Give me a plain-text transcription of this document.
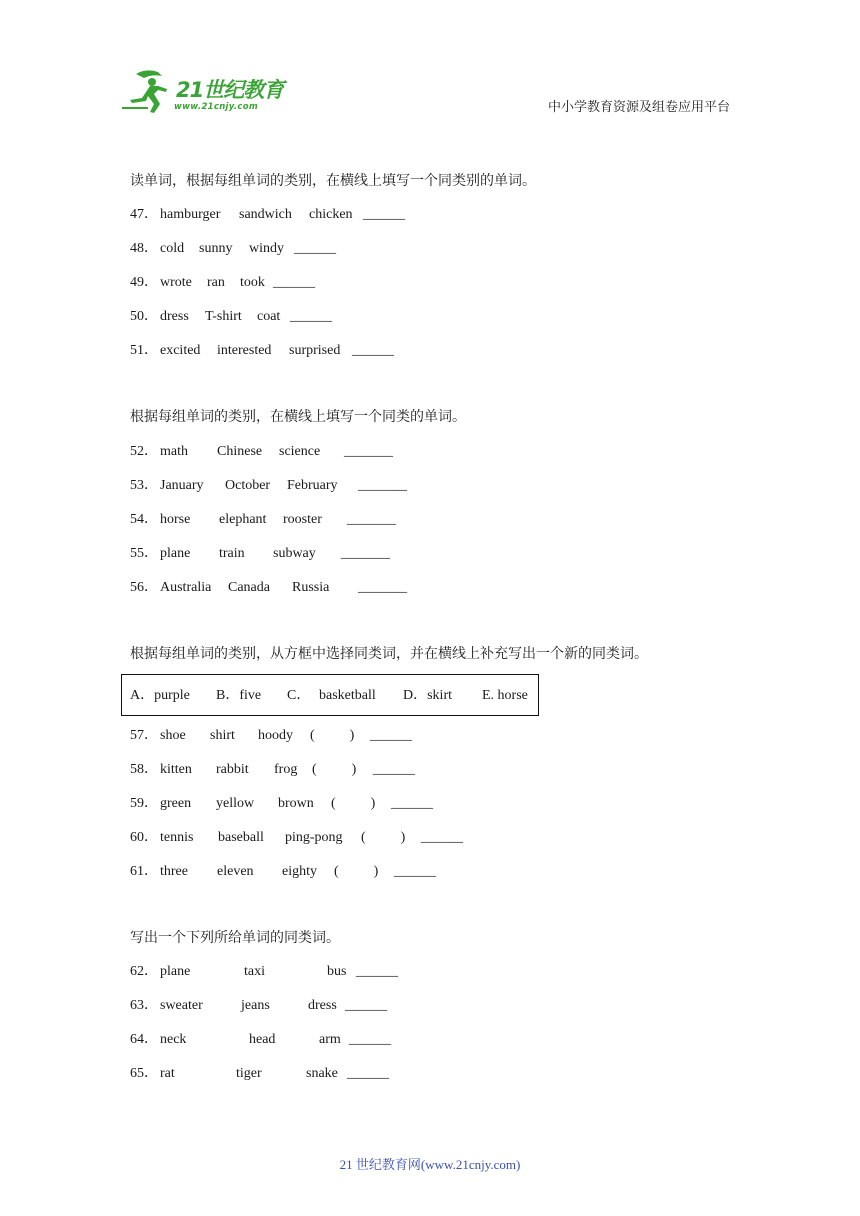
21世纪教育
www.21cnjy.com	中小学教育资源及组卷应用平台
读单词，根据每组单词的类别，在横线上填写一个同类别的单词。
47． hamburger sandwich chicken ______
48． cold sunny windy ______
49． wrote ran took ______
50． dress T-shirt coat ______
51． excited interested surprised ______
根据每组单词的类别，在横线上填写一个同类的单词。
52． math Chinese science _______
53． January October February _______
54． horse elephant rooster _______
55． plane train subway _______
56． Australia Canada Russia _______
根据每组单词的类别，从方框中选择同类词，并在横线上补充写出一个新的同类词。
A．purple B．five C． basketball D．skirt E. horse
57． shoe shirt hoody (          ) ______
58． kitten rabbit frog (          ) ______
59． green yellow brown (          ) ______
60． tennis baseball ping-pong (          ) ______
61． three eleven eighty (          ) ______
写出一个下列所给单词的同类词。
62． plane	taxi	bus ______
63． sweater	jeans	dress ______
64． neck	head	arm ______
65． rat	tiger	snake ______
21 世纪教育网(www.21cnjy.com)
